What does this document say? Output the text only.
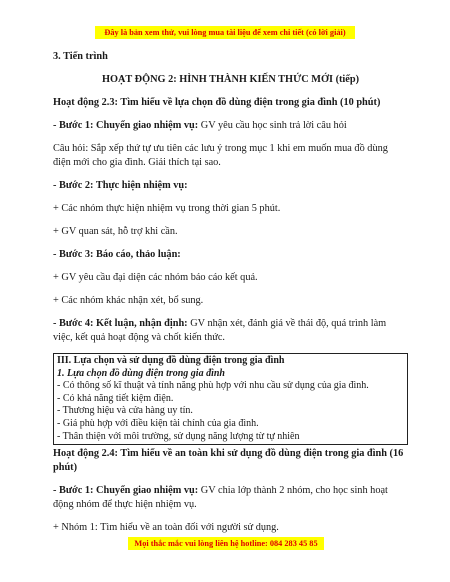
Đây là bản xem thử, vui lòng mua tài liệu để xem chi tiết (có lời giải)

3. Tiến trình

HOẠT ĐỘNG 2: HÌNH THÀNH KIẾN THỨC MỚI (tiếp)

Hoạt động 2.3: Tìm hiểu về lựa chọn đồ dùng điện trong gia đình (10 phút)

- Bước 1: Chuyển giao nhiệm vụ: GV yêu cầu học sinh trả lời câu hỏi

Câu hỏi: Sắp xếp thứ tự ưu tiên các lưu ý trong mục 1 khi em muốn mua đồ dùng điện mới cho gia đình. Giải thích tại sao.

- Bước 2: Thực hiện nhiệm vụ:

+ Các nhóm thực hiện nhiệm vụ trong thời gian 5 phút.

+ GV quan sát, hỗ trợ khi cần.

- Bước 3: Báo cáo, thảo luận:

+ GV yêu cầu đại diện các nhóm báo cáo kết quả.

+ Các nhóm khác nhận xét, bổ sung.

- Bước 4: Kết luận, nhận định: GV nhận xét, đánh giá về thái độ, quá trình làm việc, kết quả hoạt động và chốt kiến thức.

III. Lựa chọn và sử dụng đồ dùng điện trong gia đình

1. Lựa chọn đồ dùng điện trong gia đình

- Có thông số kĩ thuật và tính năng phù hợp với nhu cầu sử dụng của gia đình.

- Có khả năng tiết kiệm điện.

- Thương hiệu và cửa hàng uy tín.

- Giá phù hợp với điều kiện tài chính của gia đình.

- Thân thiện với môi trường, sử dụng năng lượng từ tự nhiên

Hoạt động 2.4: Tìm hiểu về an toàn khi sử dụng đồ dùng điện trong gia đình (16 phút)

- Bước 1: Chuyển giao nhiệm vụ: GV chia lớp thành 2 nhóm, cho học sinh hoạt động nhóm để thực hiện nhiệm vụ.

+ Nhóm 1: Tìm hiểu về an toàn đối với người sử dụng.

Mọi thắc mắc vui lòng liên hệ hotline: 084 283 45 85
